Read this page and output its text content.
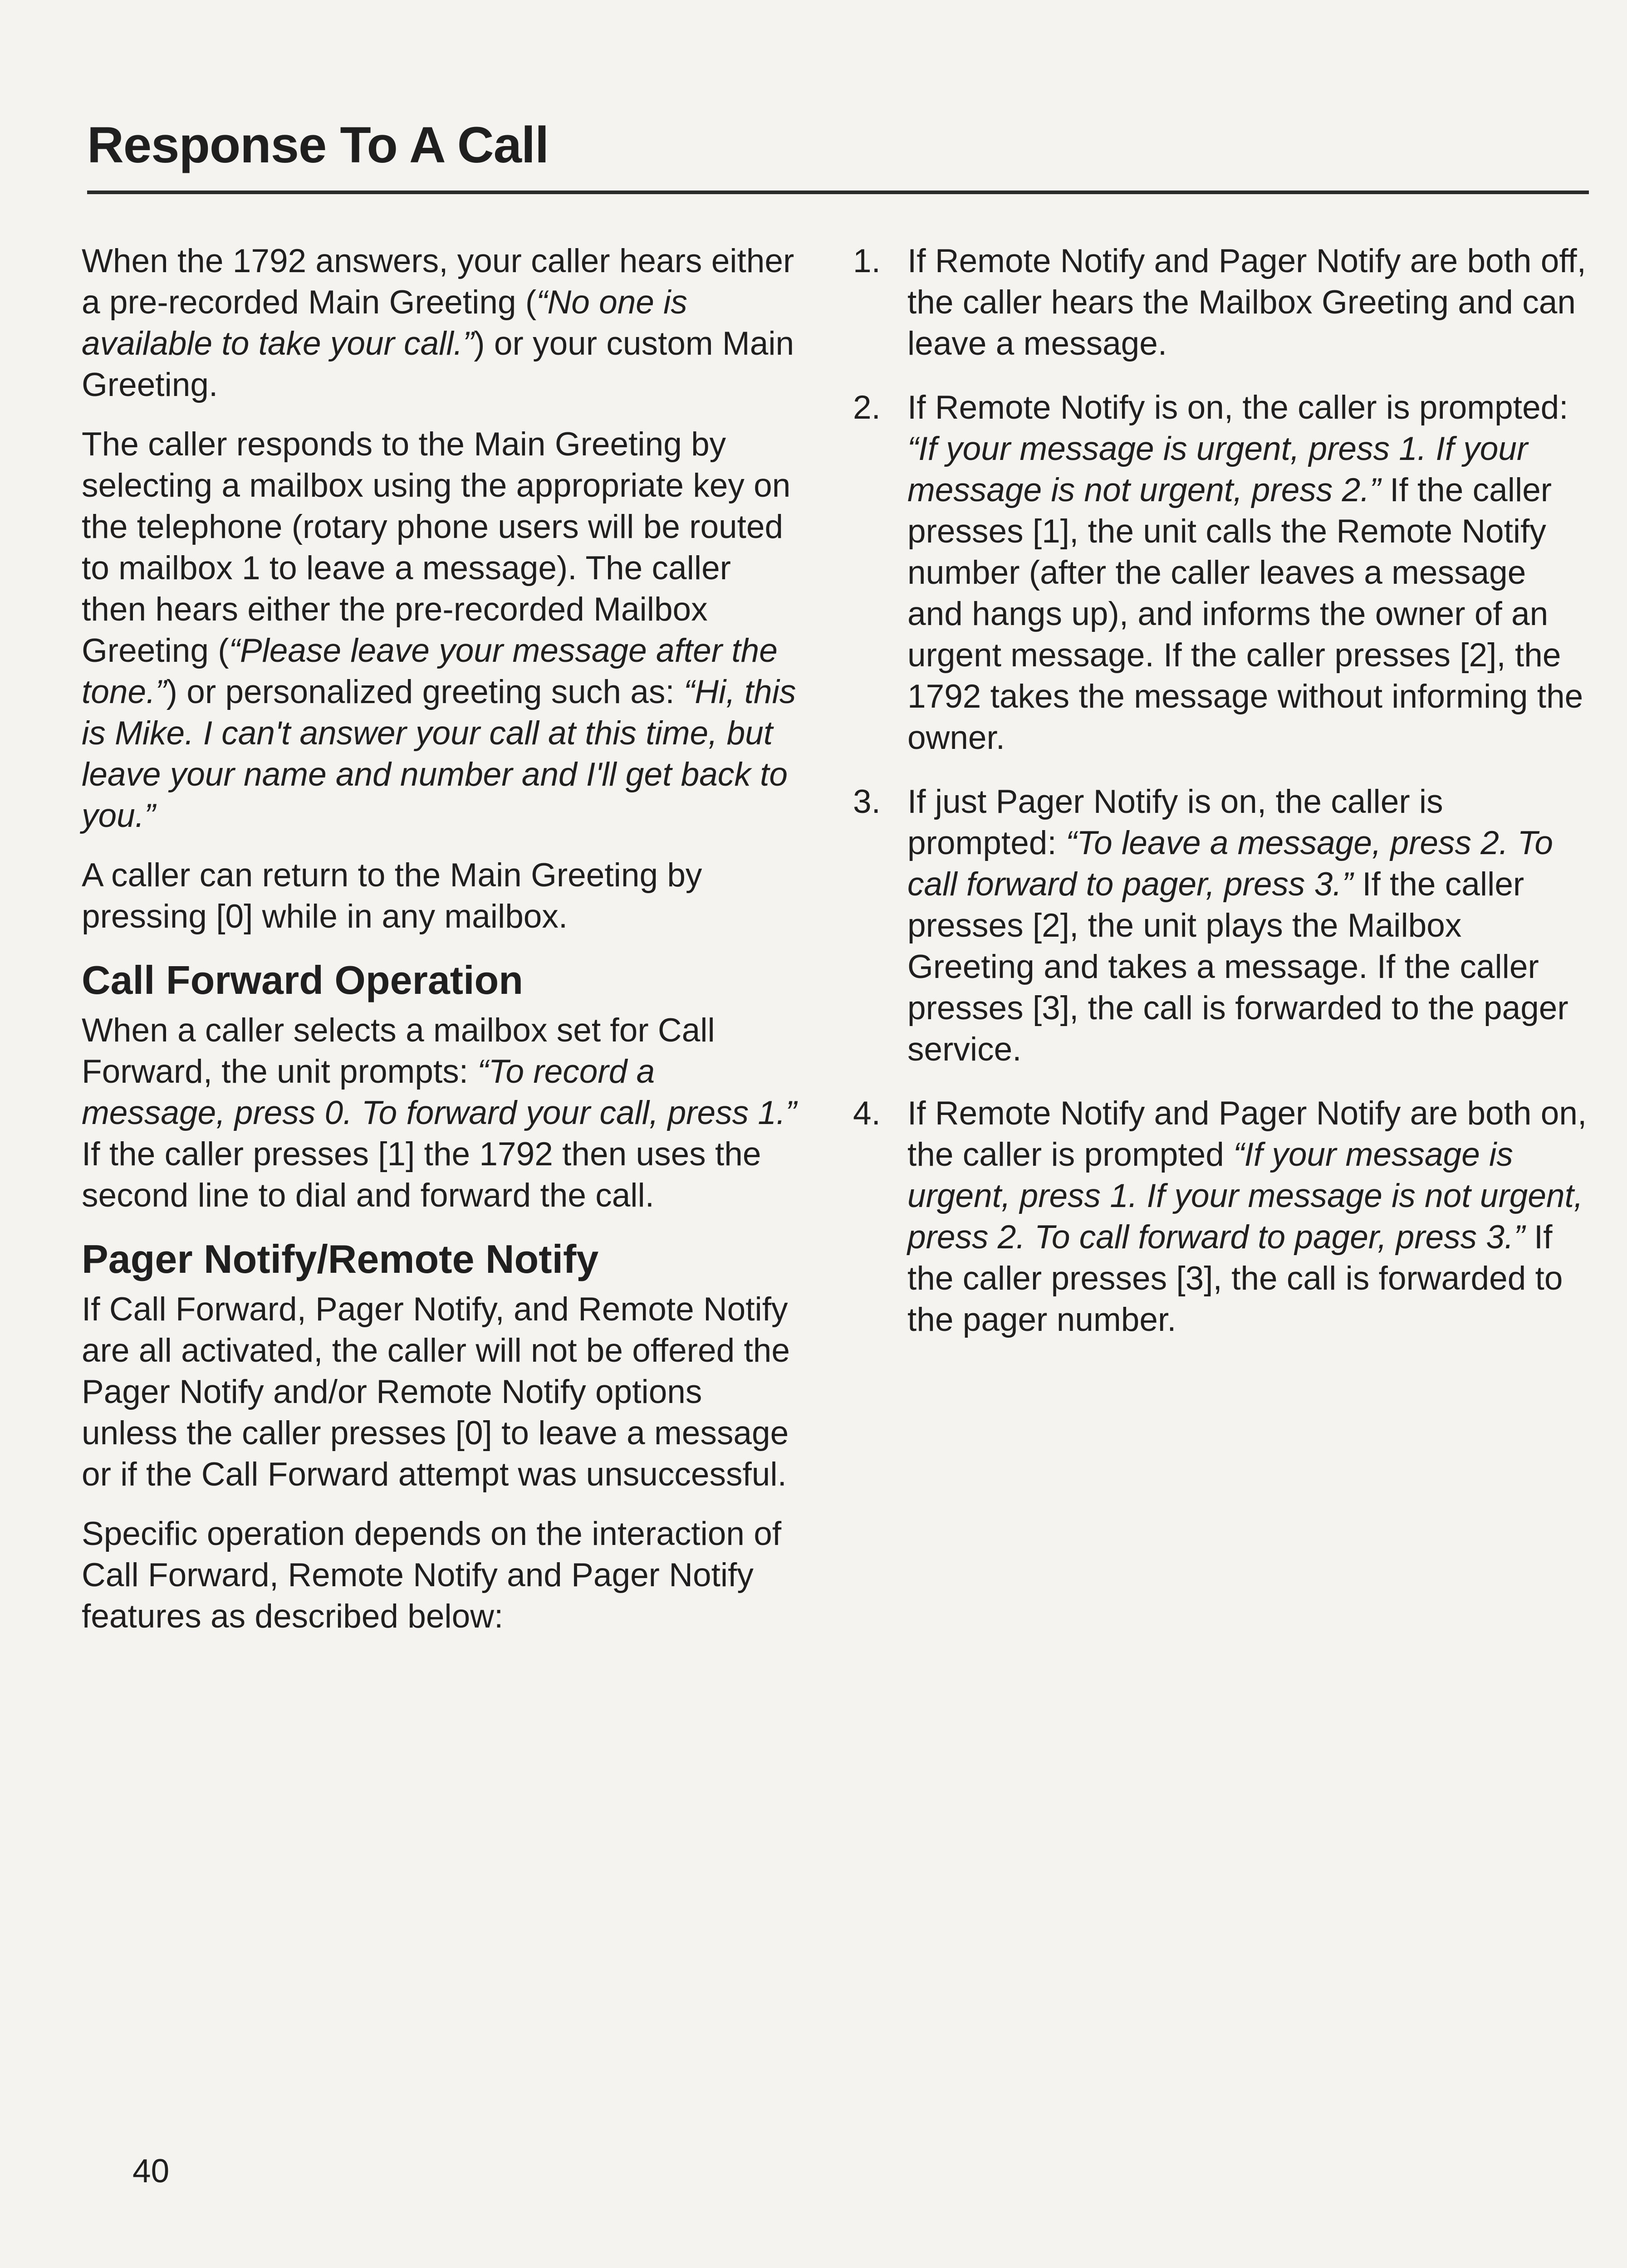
Response To A Call

When the 1792 answers, your caller hears either a pre-recorded Main Greeting (“No one is available to take your call.”) or your custom Main Greeting.

The caller responds to the Main Greeting by selecting a mailbox using the appropriate key on the telephone (rotary phone users will be routed to mailbox 1 to leave a message). The caller then hears either the pre-recorded Mailbox Greeting (“Please leave your message after the tone.”) or personalized greeting such as: “Hi, this is Mike. I can't answer your call at this time, but leave your name and number and I'll get back to you.”

A caller can return to the Main Greeting by pressing [0] while in any mailbox.

Call Forward Operation

When a caller selects a mailbox set for Call Forward, the unit prompts: “To record a message, press 0. To forward your call, press 1.” If the caller presses [1] the 1792 then uses the second line to dial and forward the call.

Pager Notify/Remote Notify

If Call Forward, Pager Notify, and Remote Notify are all activated, the caller will not be offered the Pager Notify and/or Remote Notify options unless the caller presses [0] to leave a message or if the Call Forward attempt was unsuccessful.

Specific operation depends on the interaction of Call Forward, Remote Notify and Pager Notify features as described below:

1. If Remote Notify and Pager Notify are both off, the caller hears the Mailbox Greeting and can leave a message.
2. If Remote Notify is on, the caller is prompted: “If your message is urgent, press 1. If your message is not urgent, press 2.” If the caller presses [1], the unit calls the Remote Notify number (after the caller leaves a message and hangs up), and informs the owner of an urgent message. If the caller presses [2], the 1792 takes the message without informing the owner.
3. If just Pager Notify is on, the caller is prompted: “To leave a message, press 2. To call forward to pager, press 3.” If the caller presses [2], the unit plays the Mailbox Greeting and takes a message. If the caller presses [3], the call is forwarded to the pager service.
4. If Remote Notify and Pager Notify are both on, the caller is prompted “If your message is urgent, press 1. If your message is not urgent, press 2. To call forward to pager, press 3.” If the caller presses [3], the call is forwarded to the pager number.
40
